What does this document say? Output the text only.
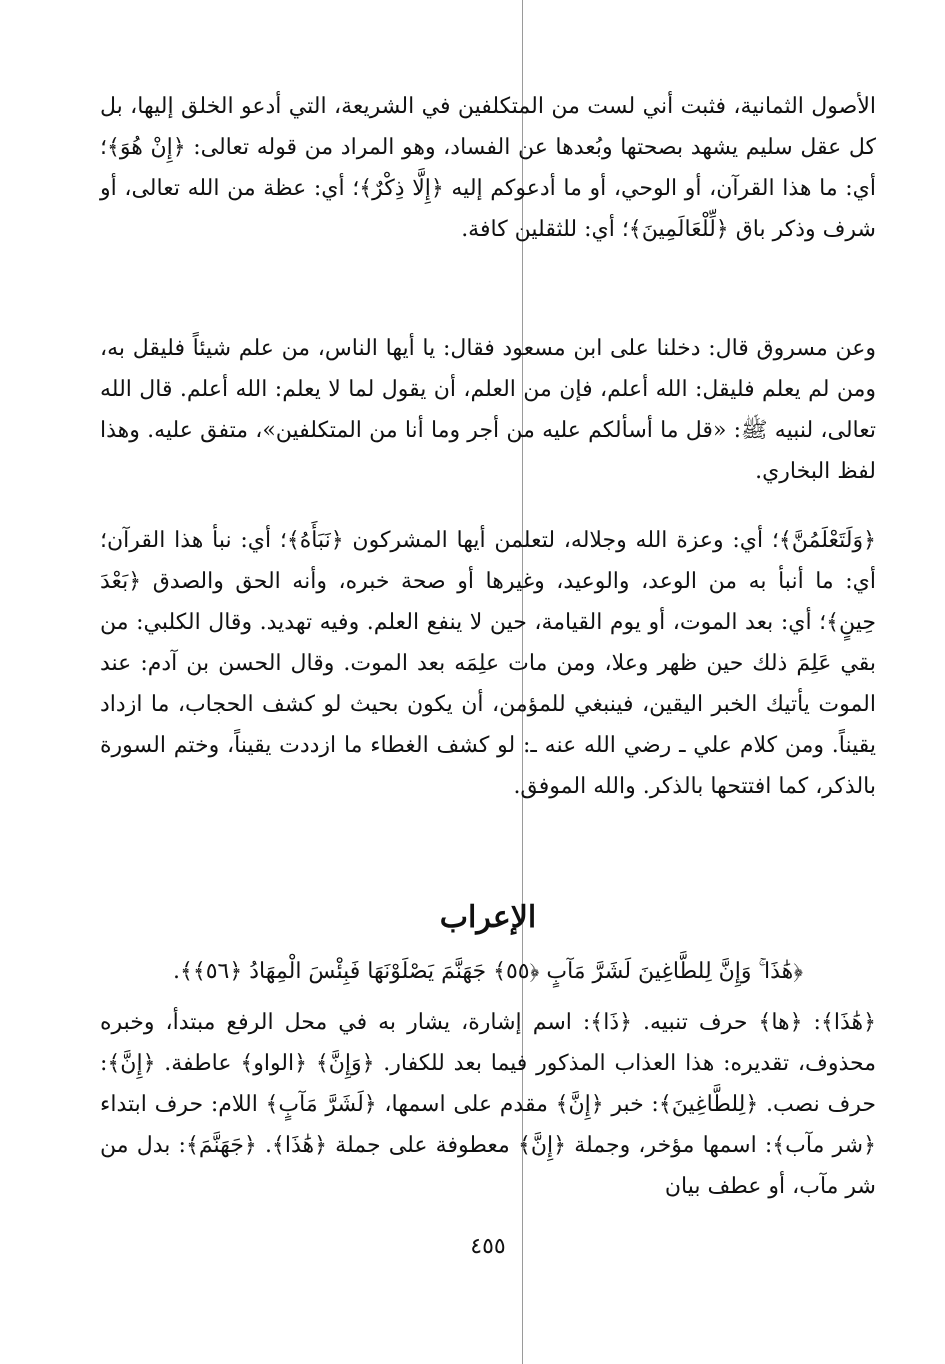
الأصول الثمانية، فثبت أني لست من المتكلفين في الشريعة، التي أدعو الخلق إليها، بل كل عقل سليم يشهد بصحتها وبُعدها عن الفساد، وهو المراد من قوله تعالى: ﴿إِنْ هُوَ﴾؛ أي: ما هذا القرآن، أو الوحي، أو ما أدعوكم إليه ﴿إِلَّا ذِكْرٌ﴾؛ أي: عظة من الله تعالى، أو شرف وذكر باق ﴿لِّلْعَالَمِينَ﴾؛ أي: للثقلين كافة.

وعن مسروق قال: دخلنا على ابن مسعود فقال: يا أيها الناس، من علم شيئاً فليقل به، ومن لم يعلم فليقل: الله أعلم، فإن من العلم، أن يقول لما لا يعلم: الله أعلم. قال الله تعالى، لنبيه ﷺ: «قل ما أسألكم عليه من أجر وما أنا من المتكلفين»، متفق عليه. وهذا لفظ البخاري.

﴿وَلَتَعْلَمُنَّ﴾؛ أي: وعزة الله وجلاله، لتعلمن أيها المشركون ﴿نَبَأَهُ﴾؛ أي: نبأ هذا القرآن؛ أي: ما أنبأ به من الوعد، والوعيد، وغيرها أو صحة خبره، وأنه الحق والصدق ﴿بَعْدَ حِينٍ﴾؛ أي: بعد الموت، أو يوم القيامة، حين لا ينفع العلم. وفيه تهديد. وقال الكلبي: من بقي عَلِمَ ذلك حين ظهر وعلا، ومن مات علِمَه بعد الموت. وقال الحسن بن آدم: عند الموت يأتيك الخبر اليقين، فينبغي للمؤمن، أن يكون بحيث لو كشف الحجاب، ما ازداد يقيناً. ومن كلام علي ـ رضي الله عنه ـ: لو كشف الغطاء ما ازددت يقيناً، وختم السورة بالذكر، كما افتتحها بالذكر. والله الموفق.

الإعراب
﴿هَٰذَا ۚ وَإِنَّ لِلطَّاغِينَ لَشَرَّ مَآبٍ ﴿٥٥﴾ جَهَنَّمَ يَصْلَوْنَهَا فَبِئْسَ الْمِهَادُ ﴿٥٦﴾﴾.

﴿هَٰذَا﴾: ﴿ها﴾ حرف تنبيه. ﴿ذَا﴾: اسم إشارة، يشار به في محل الرفع مبتدأ، وخبره محذوف، تقديره: هذا العذاب المذكور فيما بعد للكفار. ﴿وَإِنَّ﴾ ﴿الواو﴾ عاطفة. ﴿إِنَّ﴾: حرف نصب. ﴿لِلطَّاغِينَ﴾: خبر ﴿إِنَّ﴾ مقدم على اسمها، ﴿لَشَرَّ مَآبٍ﴾ اللام: حرف ابتداء ﴿شر مآب﴾: اسمها مؤخر، وجملة ﴿إِنَّ﴾ معطوفة على جملة ﴿هَٰذَا﴾. ﴿جَهَنَّمَ﴾: بدل من شر مآب، أو عطف بيان

٤٥٥
